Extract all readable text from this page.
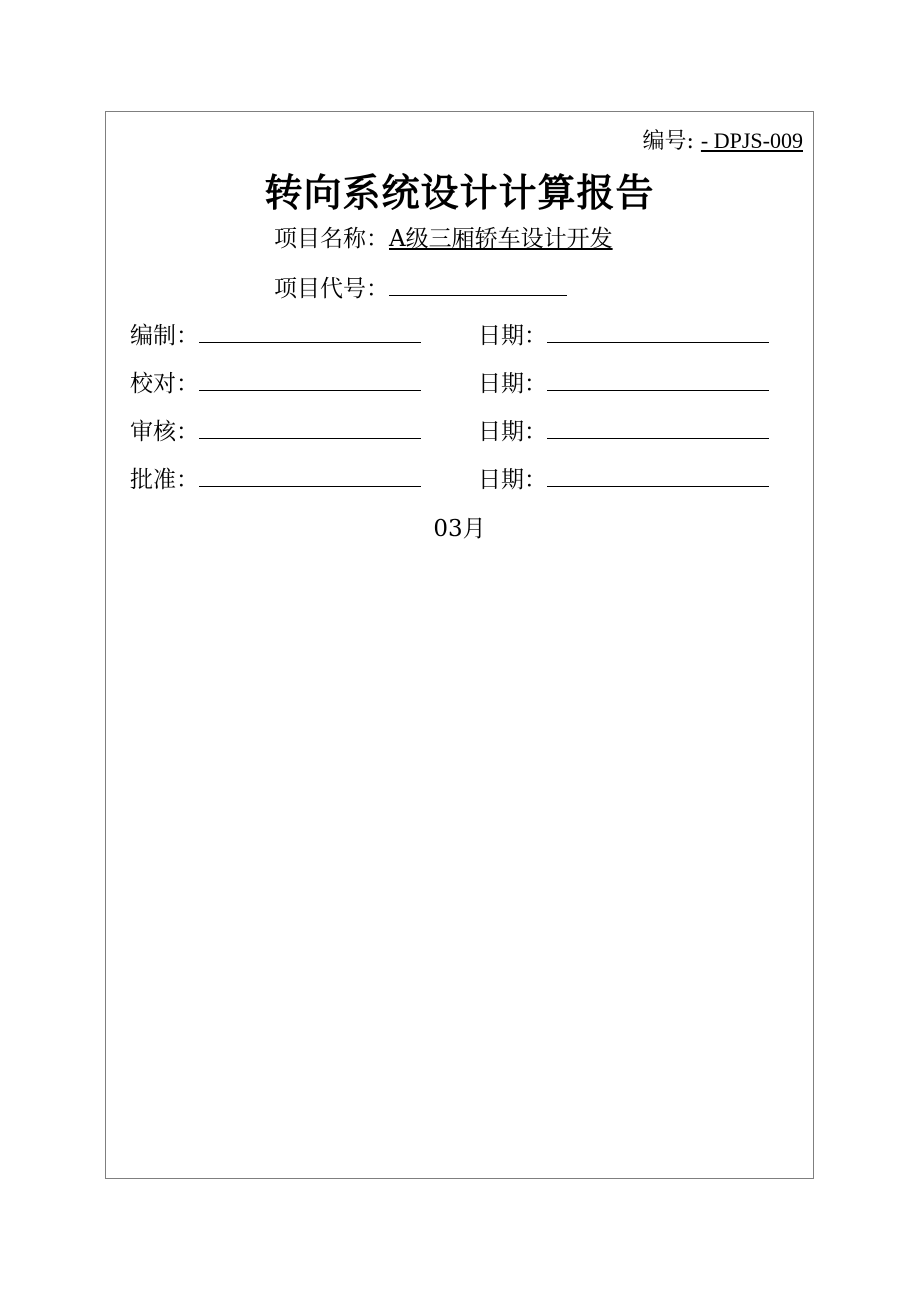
编号: - DPJS-009
转向系统设计计算报告
项目名称：A级三厢轿车设计开发
项目代号：
编制：	日期：
校对：	日期：
审核：	日期：
批准：	日期：
03月
